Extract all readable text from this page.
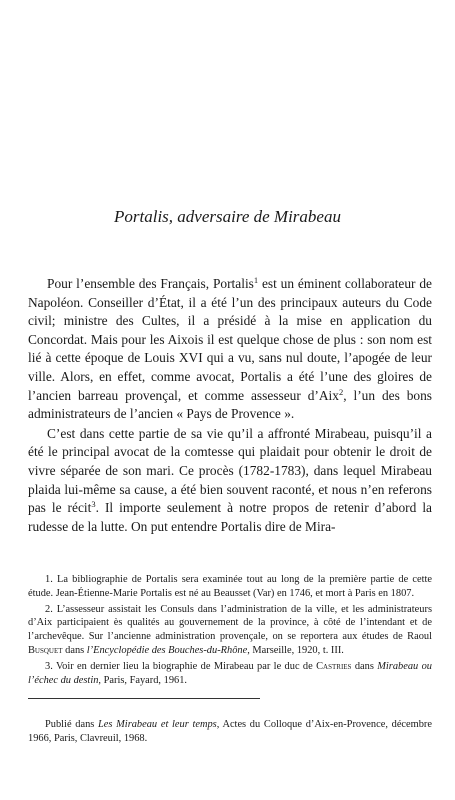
Portalis, adversaire de Mirabeau

Pour l’ensemble des Français, Portalis$^1$ est un éminent collaborateur de Napoléon. Conseiller d’État, il a été l’un des principaux auteurs du Code civil; ministre des Cultes, il a présidé à la mise en application du Concordat. Mais pour les Aixois il est quelque chose de plus : son nom est lié à cette époque de Louis XVI qui a vu, sans nul doute, l’apogée de leur ville. Alors, en effet, comme avocat, Portalis a été l’une des gloires de l’ancien barreau provençal, et comme assesseur d’Aix$^2$, l’un des bons administrateurs de l’ancien « Pays de Provence ».

C’est dans cette partie de sa vie qu’il a affronté Mirabeau, puisqu’il a été le principal avocat de la comtesse qui plaidait pour obtenir le droit de vivre séparée de son mari. Ce procès (1782-1783), dans lequel Mirabeau plaida lui-même sa cause, a été bien souvent raconté, et nous n’en referons pas le récit$^3$. Il importe seulement à notre propos de retenir d’abord la rudesse de la lutte. On put entendre Portalis dire de Mira-

1. La bibliographie de Portalis sera examinée tout au long de la première partie de cette étude. Jean-Étienne-Marie Portalis est né au Beausset (Var) en 1746, et mort à Paris en 1807.

2. L’assesseur assistait les Consuls dans l’administration de la ville, et les administrateurs d’Aix participaient ès qualités au gouvernement de la province, à côté de l’intendant et de l’archevêque. Sur l’ancienne administration provençale, on se reportera aux études de Raoul Busquet dans l’Encyclopédie des Bouches-du-Rhône, Marseille, 1920, t. III.

3. Voir en dernier lieu la biographie de Mirabeau par le duc de Castries dans Mirabeau ou l’échec du destin, Paris, Fayard, 1961.

Publié dans Les Mirabeau et leur temps, Actes du Colloque d’Aix-en-Provence, décembre 1966, Paris, Clavreuil, 1968.
